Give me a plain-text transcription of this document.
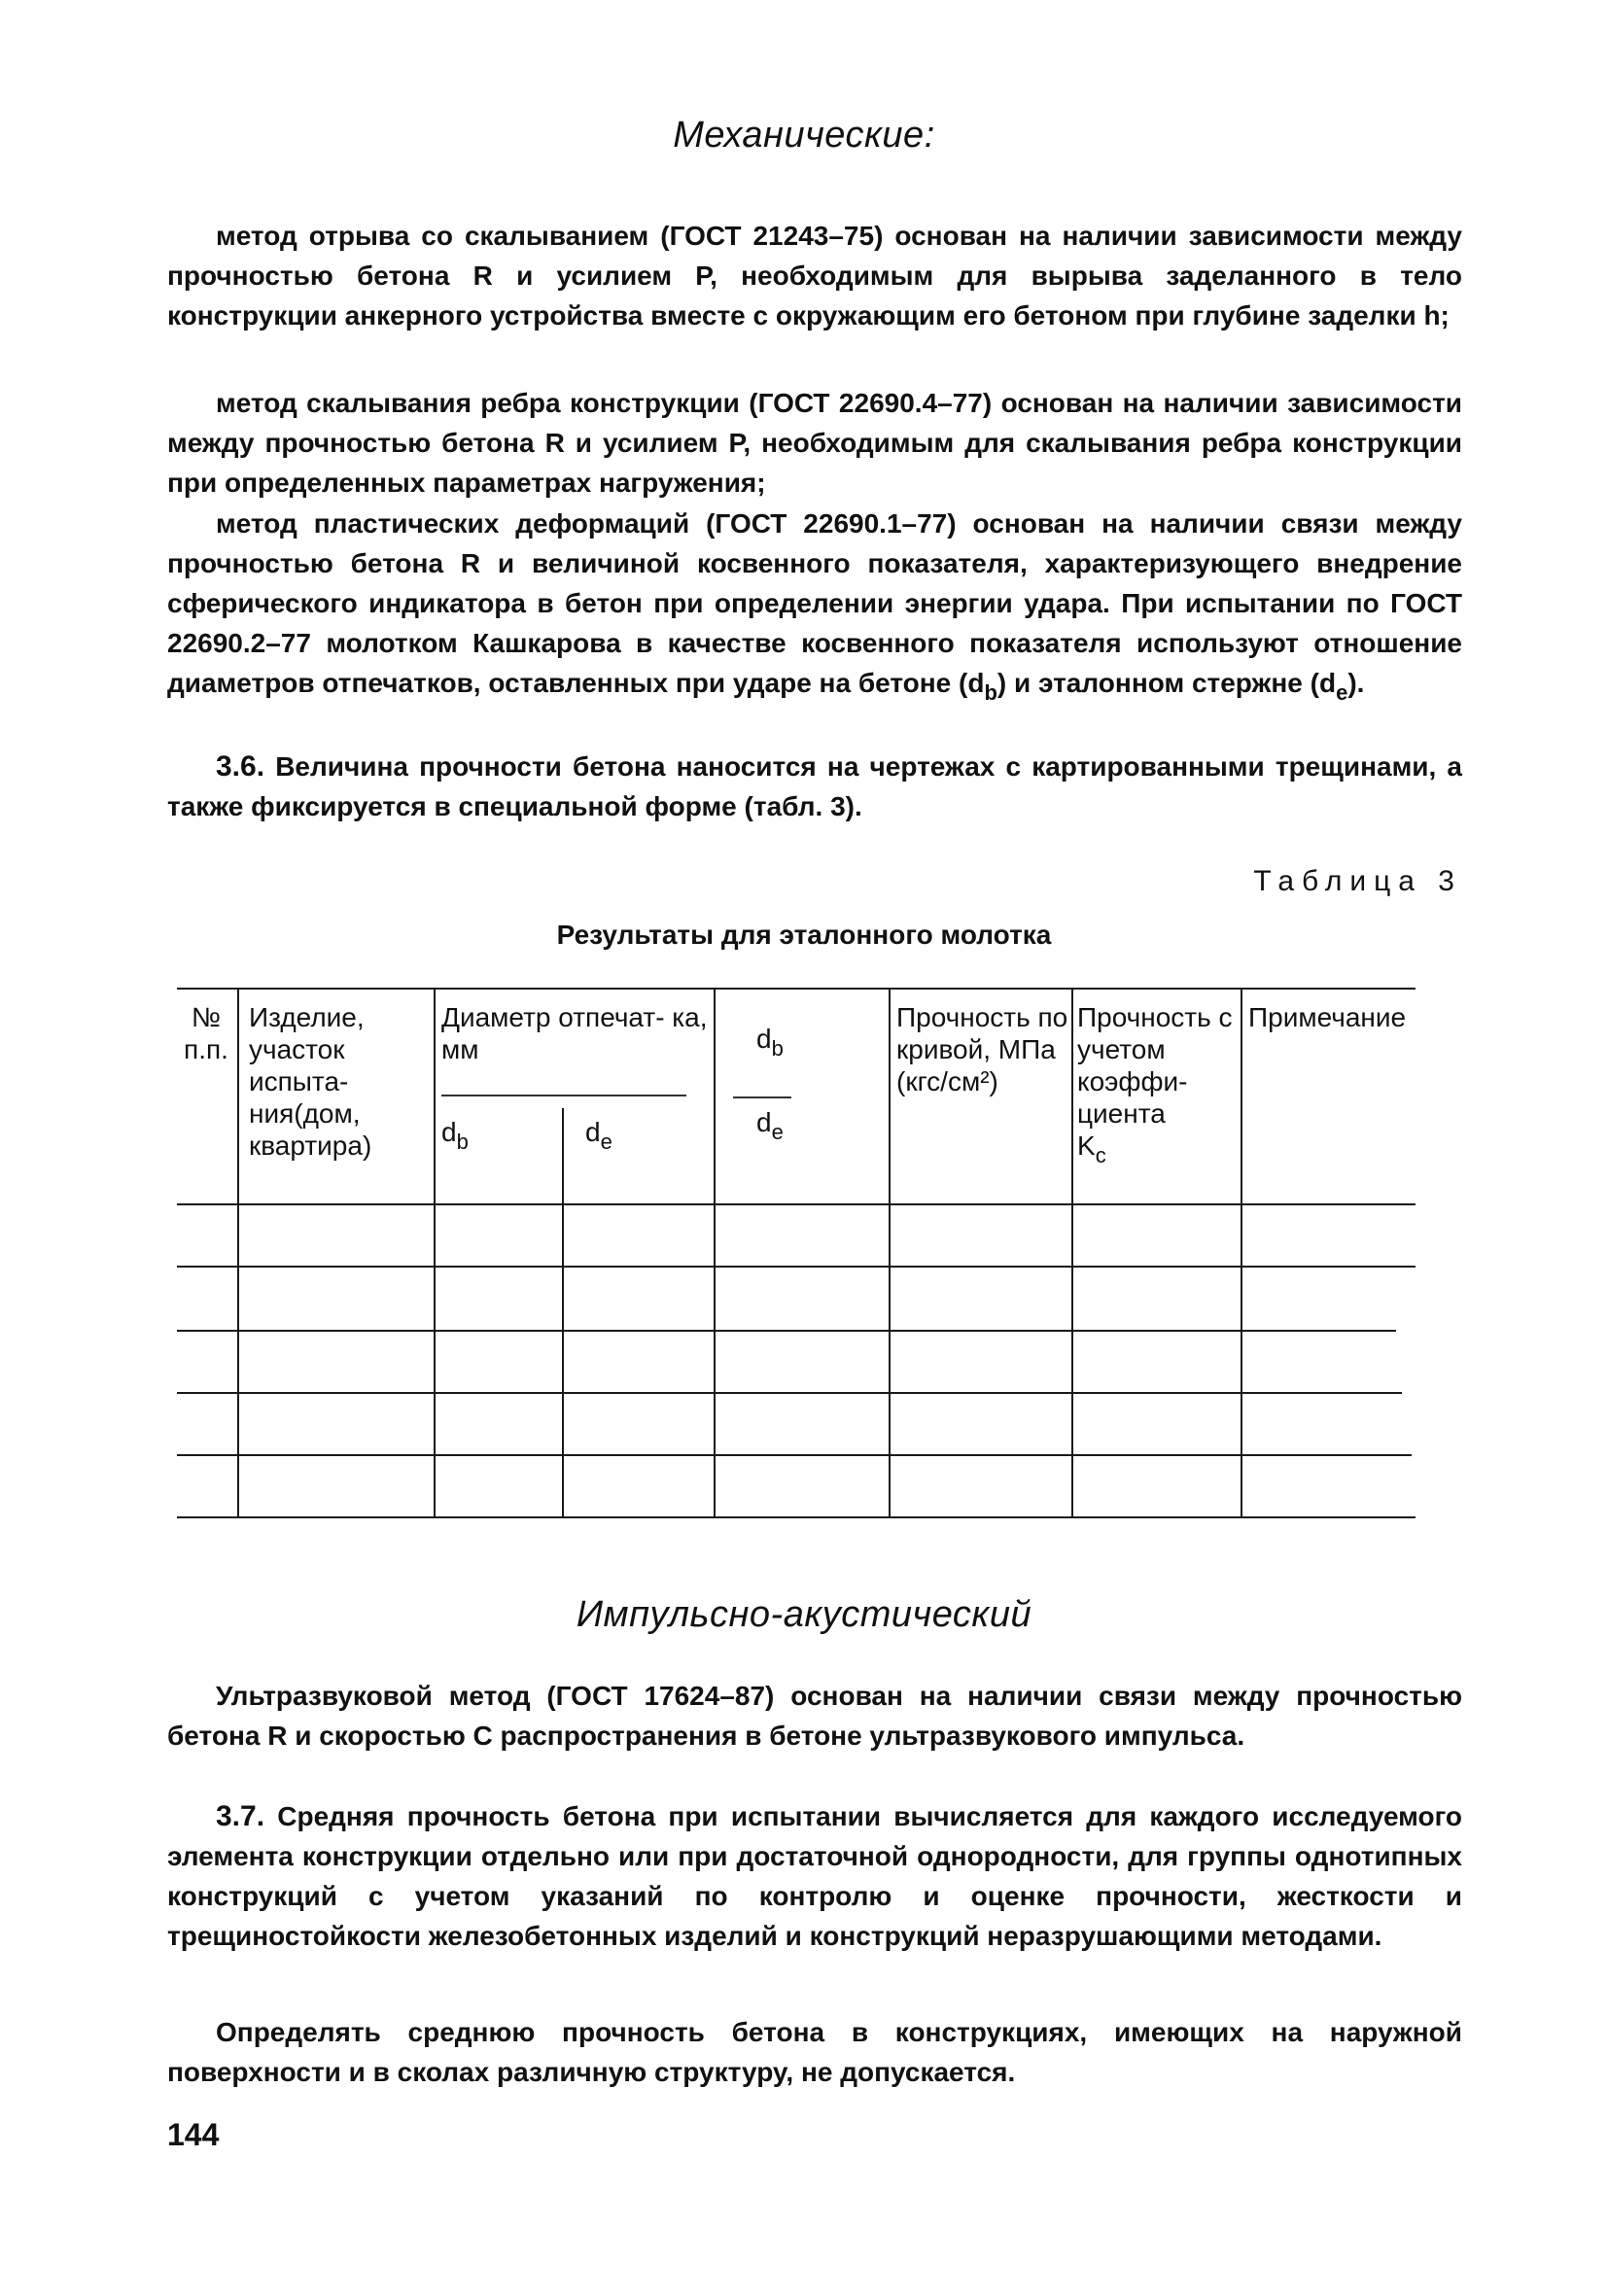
Механические:

метод отрыва со скалыванием (ГОСТ 21243–75) основан на наличии зависимости между прочностью бетона R и усилием Р, необходимым для вырыва заделанного в тело конструкции анкерного устройства вместе с окружающим его бетоном при глубине заделки h;

метод скалывания ребра конструкции (ГОСТ 22690.4–77) основан на наличии зависимости между прочностью бетона R и усилием Р, необходимым для скалывания ребра конструкции при определенных параметрах нагружения;

метод пластических деформаций (ГОСТ 22690.1–77) основан на наличии связи между прочностью бетона R и величиной косвенного показателя, характеризующего внедрение сферического индикатора в бетон при определении энергии удара. При испытании по ГОСТ 22690.2–77 молотком Кашкарова в качестве косвенного показателя используют отношение диаметров отпечатков, оставленных при ударе на бетоне $(d_b)$ и эталонном стержне $(d_e)$.

3.6. Величина прочности бетона наносится на чертежах с картированными трещинами, а также фиксируется в специальной форме (табл. 3).

Таблица 3
Результаты для эталонного молотка
№ п.п.
Изделие, участок испыта- ния(дом, квартира)
Диаметр отпечат- ка, мм
$d_b$	$d_e$
$d_b$
$d_e$
Прочность по кривой, МПа (кгс/см²)
Прочность с учетом коэффи- циента
$K_c$
Примечание
Импульсно-акустический

Ультразвуковой метод (ГОСТ 17624–87) основан на наличии связи между прочностью бетона R и скоростью С распространения в бетоне ультразвукового импульса.

3.7. Средняя прочность бетона при испытании вычисляется для каждого исследуемого элемента конструкции отдельно или при достаточной однородности, для группы однотипных конструкций с учетом указаний по контролю и оценке прочности, жесткости и трещиностойкости железобетонных изделий и конструкций неразрушающими методами.

Определять среднюю прочность бетона в конструкциях, имеющих на наружной поверхности и в сколах различную структуру, не допускается.

144
